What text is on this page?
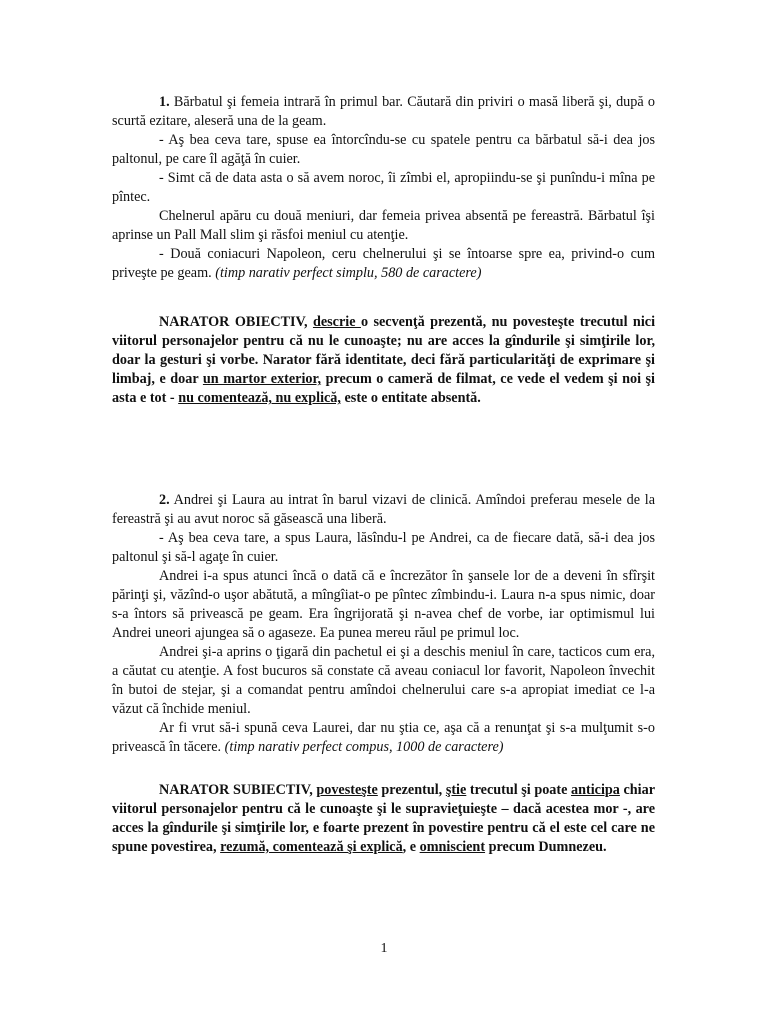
1. Bărbatul şi femeia intrară în primul bar. Căutară din priviri o masă liberă şi, după o scurtă ezitare, aleseră una de la geam.

- Aş bea ceva tare, spuse ea întorcîndu-se cu spatele pentru ca bărbatul să-i dea jos paltonul, pe care îl agăţă în cuier.

- Simt că de data asta o să avem noroc, îi zîmbi el, apropiindu-se şi punîndu-i mîna pe pîntec.

Chelnerul apăru cu două meniuri, dar femeia privea absentă pe fereastră. Bărbatul îşi aprinse un Pall Mall slim şi răsfoi meniul cu atenţie.

- Două coniacuri Napoleon, ceru chelnerului şi se întoarse spre ea, privind-o cum priveşte pe geam. (timp narativ perfect simplu, 580 de caractere)

NARATOR OBIECTIV, descrie o secvenţă prezentă, nu povesteşte trecutul nici viitorul personajelor pentru că nu le cunoaşte; nu are acces la gîndurile şi simţirile lor, doar la gesturi şi vorbe. Narator fără identitate, deci fără particularităţi de exprimare şi limbaj, e doar un martor exterior, precum o cameră de filmat, ce vede el vedem şi noi şi asta e tot - nu comentează, nu explică, este o entitate absentă.

2. Andrei şi Laura au intrat în barul vizavi de clinică. Amîndoi preferau mesele de la fereastră şi au avut noroc să găsească una liberă.

- Aş bea ceva tare, a spus Laura, lăsîndu-l pe Andrei, ca de fiecare dată, să-i dea jos paltonul şi să-l agaţe în cuier.

Andrei i-a spus atunci încă o dată că e încrezător în şansele lor de a deveni în sfîrşit părinţi şi, văzînd-o uşor abătută, a mîngîiat-o pe pîntec zîmbindu-i. Laura n-a spus nimic, doar s-a întors să privească pe geam. Era îngrijorată şi n-avea chef de vorbe, iar optimismul lui Andrei uneori ajungea să o agaseze. Ea punea mereu răul pe primul loc.

Andrei şi-a aprins o ţigară din pachetul ei şi a deschis meniul în care, tacticos cum era, a căutat cu atenţie. A fost bucuros să constate că aveau coniacul lor favorit, Napoleon învechit în butoi de stejar, şi a comandat pentru amîndoi chelnerului care s-a apropiat imediat ce l-a văzut că închide meniul.

Ar fi vrut să-i spună ceva Laurei, dar nu ştia ce, aşa că a renunţat şi s-a mulţumit s-o privească în tăcere. (timp narativ perfect compus, 1000 de caractere)

NARATOR SUBIECTIV, povesteşte prezentul, ştie trecutul şi poate anticipa chiar viitorul personajelor pentru că le cunoaşte şi le supravieţuieşte – dacă acestea mor -, are acces la gîndurile şi simţirile lor, e foarte prezent în povestire pentru că el este cel care ne spune povestirea, rezumă, comentează şi explică, e omniscient precum Dumnezeu.

1
